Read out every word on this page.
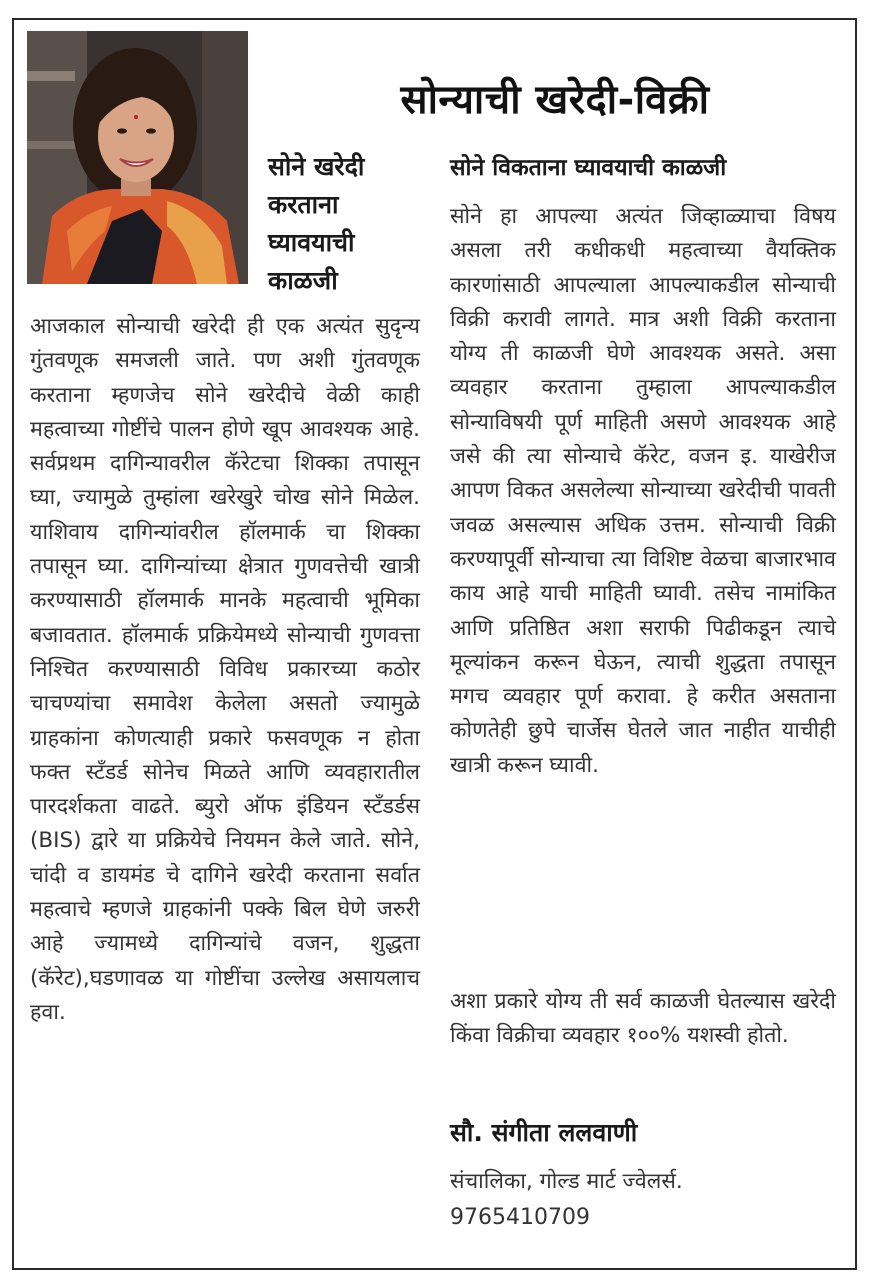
सोन्याची खरेदी-विक्री
सोने खरेदी करताना घ्यावयाची काळजी
सोने विकताना घ्यावयाची काळजी

आजकाल सोन्याची खरेदी ही एक अत्यंत सुदृन्य गुंतवणूक समजली जाते. पण अशी गुंतवणूक करताना म्हणजेच सोने खरेदीचे वेळी काही महत्वाच्या गोष्टींचे पालन होणे खूप आवश्यक आहे. सर्वप्रथम दागिन्यावरील कॅरेटचा शिक्का तपासून घ्या, ज्यामुळे तुम्हांला खरेखुरे चोख सोने मिळेल. याशिवाय दागिन्यांवरील हॉलमार्क चा शिक्का तपासून घ्या. दागिन्यांच्या क्षेत्रात गुणवत्तेची खात्री करण्यासाठी हॉलमार्क मानके महत्वाची भूमिका बजावतात. हॉलमार्क प्रक्रियेमध्ये सोन्याची गुणवत्ता निश्चित करण्यासाठी विविध प्रकारच्या कठोर चाचण्यांचा समावेश केलेला असतो ज्यामुळे ग्राहकांना कोणत्याही प्रकारे फसवणूक न होता फक्त स्टँडर्ड सोनेच मिळते आणि व्यवहारातील पारदर्शकता वाढते. ब्युरो ऑफ इंडियन स्टँडर्डस (BIS) द्वारे या प्रक्रियेचे नियमन केले जाते. सोने, चांदी व डायमंड चे दागिने खरेदी करताना सर्वात महत्वाचे म्हणजे ग्राहकांनी पक्के बिल घेणे जरुरी आहे ज्यामध्ये दागिन्यांचे वजन, शुद्धता (कॅरेट),घडणावळ या गोष्टींचा उल्लेख असायलाच हवा.

सोने हा आपल्या अत्यंत जिव्हाळ्याचा विषय असला तरी कधीकधी महत्वाच्या वैयक्तिक कारणांसाठी आपल्याला आपल्याकडील सोन्याची विक्री करावी लागते. मात्र अशी विक्री करताना योग्य ती काळजी घेणे आवश्यक असते. असा व्यवहार करताना तुम्हाला आपल्याकडील सोन्याविषयी पूर्ण माहिती असणे आवश्यक आहे जसे की त्या सोन्याचे कॅरेट, वजन इ. याखेरीज आपण विकत असलेल्या सोन्याच्या खरेदीची पावती जवळ असल्यास अधिक उत्तम. सोन्याची विक्री करण्यापूर्वी सोन्याचा त्या विशिष्ट वेळचा बाजारभाव काय आहे याची माहिती घ्यावी. तसेच नामांकित आणि प्रतिष्ठित अशा सराफी पिढीकडून त्याचे मूल्यांकन करून घेऊन, त्याची शुद्धता तपासून मगच व्यवहार पूर्ण करावा. हे करीत असताना कोणतेही छुपे चार्जेस घेतले जात नाहीत याचीही खात्री करून घ्यावी.

अशा प्रकारे योग्य ती सर्व काळजी घेतल्यास खरेदी किंवा विक्रीचा व्यवहार १००% यशस्वी होतो.

सौ. संगीता ललवाणी

संचालिका, गोल्ड मार्ट ज्वेलर्स.

9765410709
